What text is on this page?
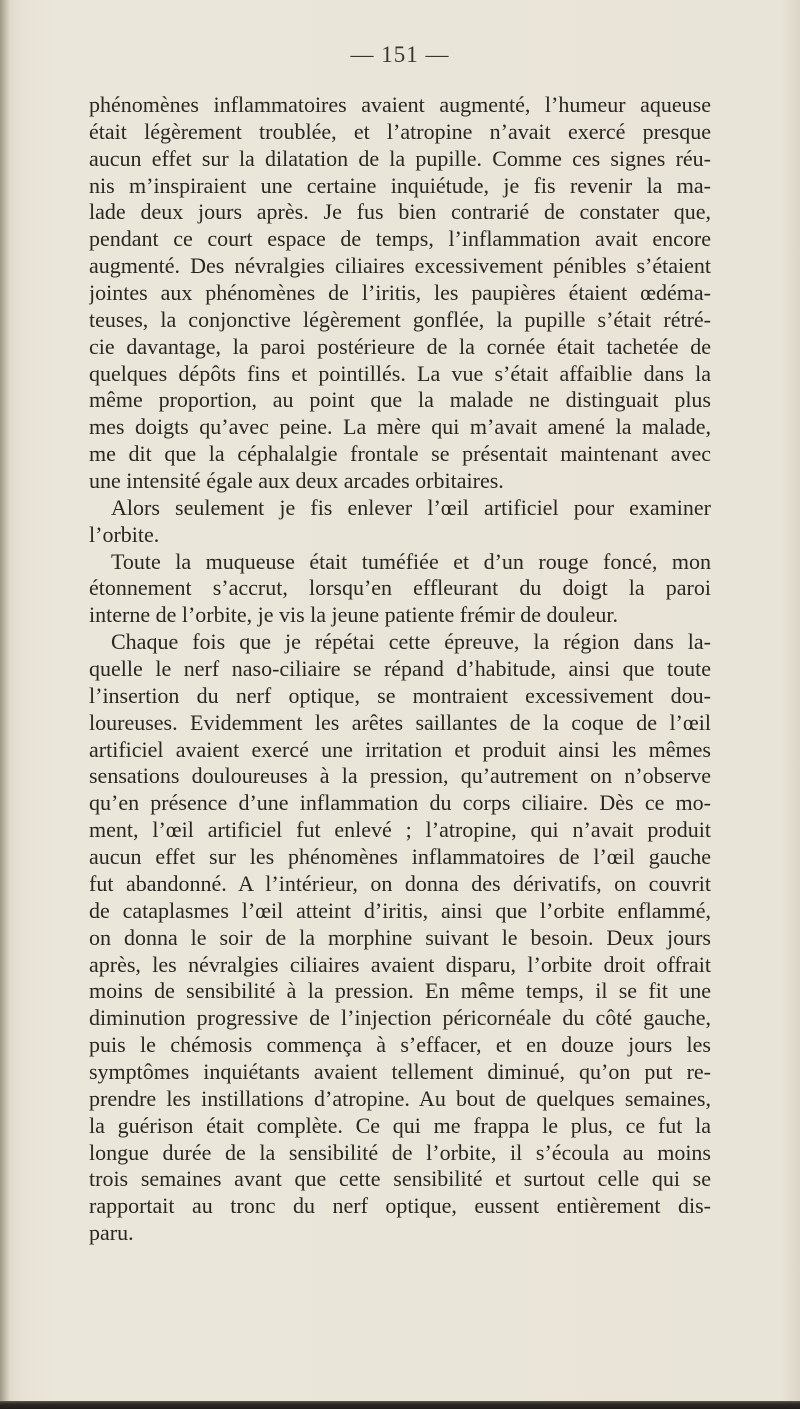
— 151 —
phénomènes inflammatoires avaient augmenté, l’humeur aqueuse
était légèrement troublée, et l’atropine n’avait exercé presque
aucun effet sur la dilatation de la pupille. Comme ces signes réu-
nis m’inspiraient une certaine inquiétude, je fis revenir la ma-
lade deux jours après. Je fus bien contrarié de constater que,
pendant ce court espace de temps, l’inflammation avait encore
augmenté. Des névralgies ciliaires excessivement pénibles s’étaient
jointes aux phénomènes de l’iritis, les paupières étaient œdéma-
teuses, la conjonctive légèrement gonflée, la pupille s’était rétré-
cie davantage, la paroi postérieure de la cornée était tachetée de
quelques dépôts fins et pointillés. La vue s’était affaiblie dans la
même proportion, au point que la malade ne distinguait plus
mes doigts qu’avec peine. La mère qui m’avait amené la malade,
me dit que la céphalalgie frontale se présentait maintenant avec
une intensité égale aux deux arcades orbitaires.
Alors seulement je fis enlever l’œil artificiel pour examiner
l’orbite.
Toute la muqueuse était tuméfiée et d’un rouge foncé, mon
étonnement s’accrut, lorsqu’en effleurant du doigt la paroi
interne de l’orbite, je vis la jeune patiente frémir de douleur.
Chaque fois que je répétai cette épreuve, la région dans la-
quelle le nerf naso-ciliaire se répand d’habitude, ainsi que toute
l’insertion du nerf optique, se montraient excessivement dou-
loureuses. Evidemment les arêtes saillantes de la coque de l’œil
artificiel avaient exercé une irritation et produit ainsi les mêmes
sensations douloureuses à la pression, qu’autrement on n’observe
qu’en présence d’une inflammation du corps ciliaire. Dès ce mo-
ment, l’œil artificiel fut enlevé ; l’atropine, qui n’avait produit
aucun effet sur les phénomènes inflammatoires de l’œil gauche
fut abandonné. A l’intérieur, on donna des dérivatifs, on couvrit
de cataplasmes l’œil atteint d’iritis, ainsi que l’orbite enflammé,
on donna le soir de la morphine suivant le besoin. Deux jours
après, les névralgies ciliaires avaient disparu, l’orbite droit offrait
moins de sensibilité à la pression. En même temps, il se fit une
diminution progressive de l’injection péricornéale du côté gauche,
puis le chémosis commença à s’effacer, et en douze jours les
symptômes inquiétants avaient tellement diminué, qu’on put re-
prendre les instillations d’atropine. Au bout de quelques semaines,
la guérison était complète. Ce qui me frappa le plus, ce fut la
longue durée de la sensibilité de l’orbite, il s’écoula au moins
trois semaines avant que cette sensibilité et surtout celle qui se
rapportait au tronc du nerf optique, eussent entièrement dis-
paru.
